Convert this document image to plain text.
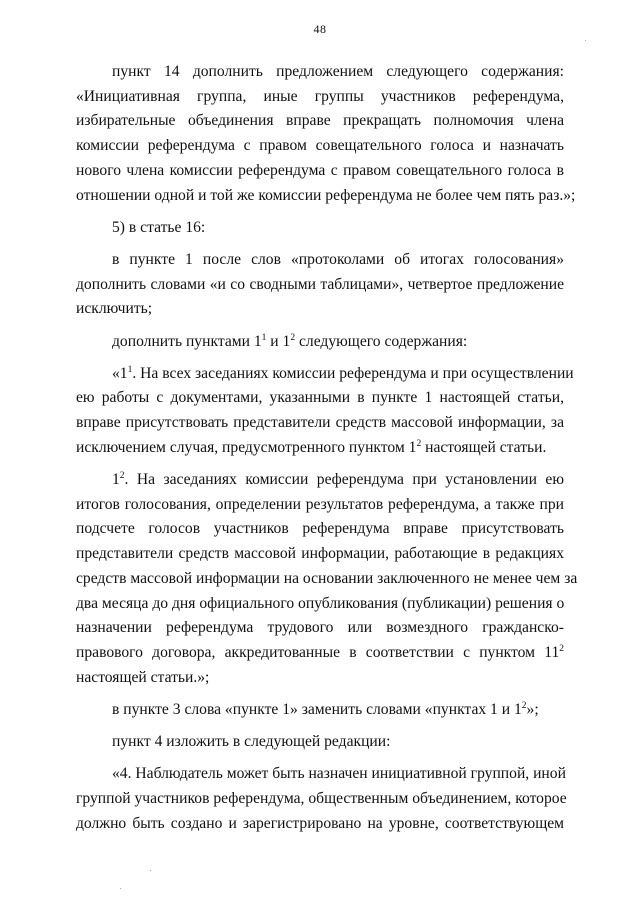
48

пункт 14 дополнить предложением следующего содержания:
«Инициативная группа, иные группы участников референдума,
избирательные объединения вправе прекращать полномочия члена
комиссии референдума с правом совещательного голоса и назначать
нового члена комиссии референдума с правом совещательного голоса в
отношении одной и той же комиссии референдума не более чем пять раз.»;

5) в статье 16:

в пункте 1 после слов «протоколами об итогах голосования»
дополнить словами «и со сводными таблицами», четвертое предложение
исключить;

дополнить пунктами $1^1$ и $1^2$ следующего содержания:

«$1^1$. На всех заседаниях комиссии референдума и при осуществлении
ею работы с документами, указанными в пункте 1 настоящей статьи,
вправе присутствовать представители средств массовой информации, за
исключением случая, предусмотренного пунктом $1^2$ настоящей статьи.

$1^2$. На заседаниях комиссии референдума при установлении ею
итогов голосования, определении результатов референдума, а также при
подсчете голосов участников референдума вправе присутствовать
представители средств массовой информации, работающие в редакциях
средств массовой информации на основании заключенного не менее чем за
два месяца до дня официального опубликования (публикации) решения о
назначении референдума трудового или возмездного гражданско-
правового договора, аккредитованные в соответствии с пунктом $11^2$
настоящей статьи.»;

в пункте 3 слова «пункте 1» заменить словами «пунктах 1 и $1^2$»;

пункт 4 изложить в следующей редакции:

«4. Наблюдатель может быть назначен инициативной группой, иной
группой участников референдума, общественным объединением, которое
должно быть создано и зарегистрировано на уровне, соответствующем
